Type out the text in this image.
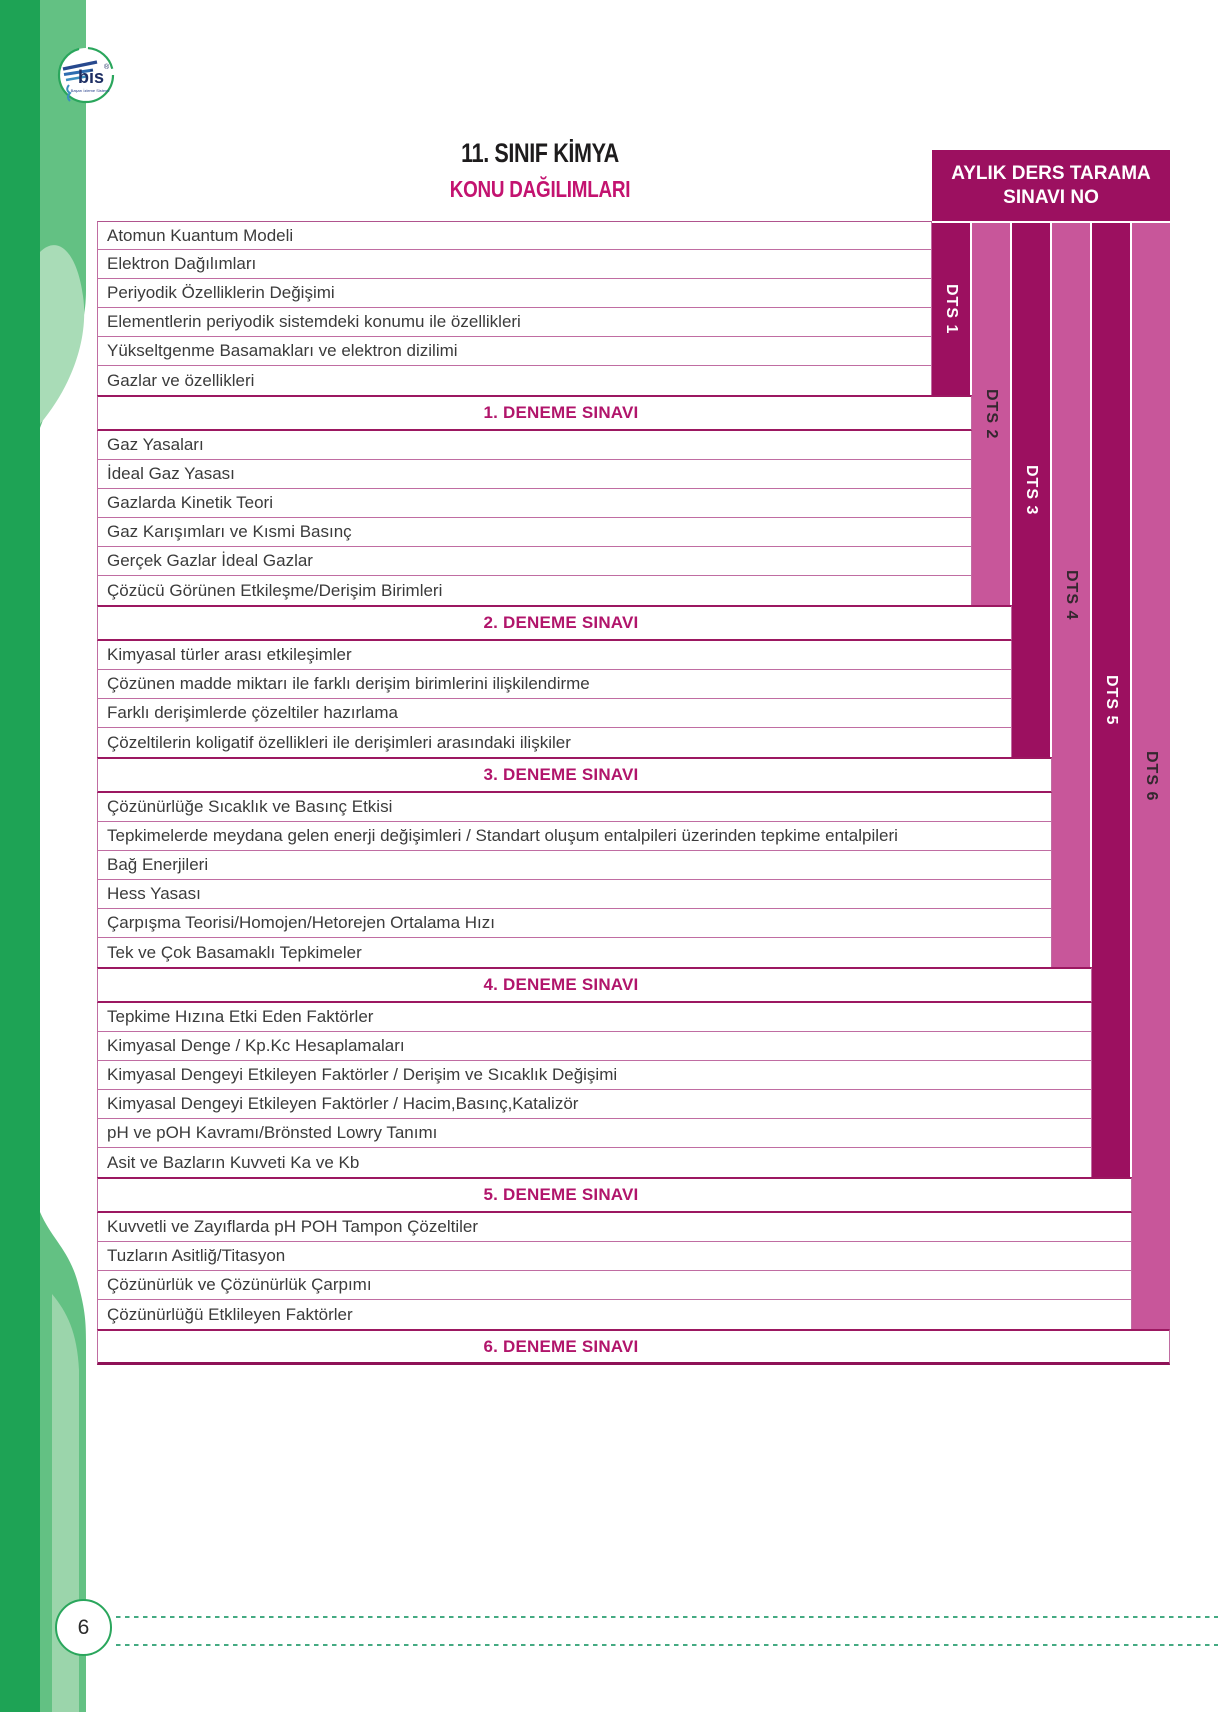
bis ®
Başarı İzleme Sistemi
11. SINIF KİMYA
KONU DAĞILIMLARI
AYLIK DERS TARAMA
SINAVI NO
Atomun Kuantum Modeli
Elektron Dağılımları
Periyodik Özelliklerin Değişimi
Elementlerin periyodik sistemdeki konumu ile özellikleri
Yükseltgenme Basamakları ve elektron dizilimi
Gazlar ve özellikleri
1. DENEME SINAVI
Gaz Yasaları
İdeal Gaz Yasası
Gazlarda Kinetik Teori
Gaz Karışımları ve Kısmi Basınç
Gerçek Gazlar İdeal Gazlar
Çözücü Görünen Etkileşme/Derişim Birimleri
2. DENEME SINAVI
Kimyasal türler arası etkileşimler
Çözünen madde miktarı ile farklı derişim birimlerini ilişkilendirme
Farklı derişimlerde çözeltiler hazırlama
Çözeltilerin koligatif özellikleri ile derişimleri arasındaki ilişkiler
3. DENEME SINAVI
Çözünürlüğe Sıcaklık ve Basınç Etkisi
Tepkimelerde meydana gelen enerji değişimleri / Standart oluşum entalpileri üzerinden tepkime entalpileri
Bağ Enerjileri
Hess Yasası
Çarpışma Teorisi/Homojen/Hetorejen Ortalama Hızı
Tek ve Çok Basamaklı Tepkimeler
4. DENEME SINAVI
Tepkime Hızına Etki Eden Faktörler
Kimyasal Denge / Kp.Kc Hesaplamaları
Kimyasal Dengeyi Etkileyen Faktörler / Derişim ve Sıcaklık Değişimi
Kimyasal Dengeyi Etkileyen Faktörler / Hacim,Basınç,Katalizör
pH ve pOH Kavramı/Brönsted Lowry Tanımı
Asit ve Bazların Kuvveti Ka ve Kb
5. DENEME SINAVI
Kuvvetli ve Zayıflarda pH POH Tampon Çözeltiler
Tuzların Asitliğ/Titasyon
Çözünürlük ve Çözünürlük Çarpımı
Çözünürlüğü Etklileyen Faktörler
6. DENEME SINAVI
DTS 1
DTS 2
DTS 3
DTS 4
DTS 5
DTS 6
6
